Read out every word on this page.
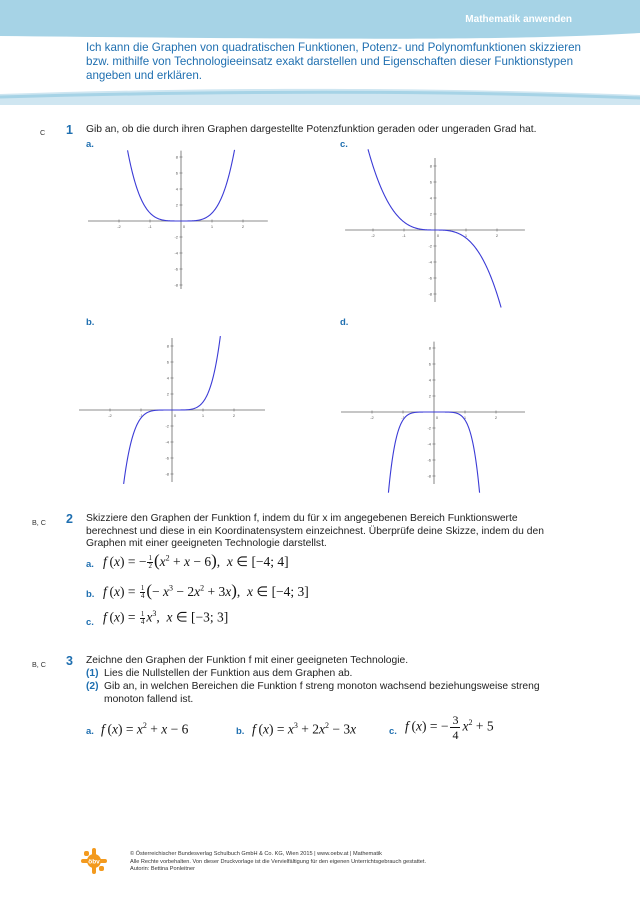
Mathematik anwenden
Ich kann die Graphen von quadratischen Funktionen, Potenz- und Polynomfunktionen skizzieren bzw. mithilfe von Technologieeinsatz exakt darstellen und Eigenschaften dieser Funktionstypen angeben und erklären.
C 1 Gib an, ob die durch ihren Graphen dargestellte Potenzfunktion geraden oder ungeraden Grad hat.
a.	c.
b.	d.
-2	-1	0	1	2
8
6
4
2
-2
-4
-6
-8
-2	-1	0	1	2
8
6
4
2
-2
-4
-6
-8
-2	-1	0	1	2
8
6
4
2
-2
-4
-6
-8
-2	-1	0	1	2
8
6
4
2
-2
-4
-6
-8
B, C 2 Skizziere den Graphen der Funktion f, indem du für x im angegebenen Bereich Funktionswerte berechnest und diese in ein Koordinatensystem einzeichnest. Überprüfe deine Skizze, indem du den Graphen mit einer geeigneten Technologie darstellst.
a. f (x) = − $\frac{1}{2} (x^2 + x - 6)$,  x ∈ [−4; 4]
b. f $(x) = \frac{1}{4}$ (− $x^3 - 2x^2 + 3x$),  x ∈ [−4; 3]
c. f $(x) = \frac{1}{4} x^3$,  x ∈ [−3; 3]
B, C 3 Zeichne den Graphen der Funktion f mit einer geeigneten Technologie.
(1) Lies die Nullstellen der Funktion aus dem Graphen ab.
(2) Gib an, in welchen Bereichen die Funktion f streng monoton wachsend beziehungsweise streng monoton fallend ist.
a. f $(x) = x^2 + x - 6$	b. f $(x) = x^3 + 2x^2 - 3x$	c. f (x) = − $\frac{3}{4} x^2 + 5$
öbv
© Österreichischer Bundesverlag Schulbuch GmbH & Co. KG, Wien 2015 | www.oebv.at | Mathematik
Alle Rechte vorbehalten. Von dieser Druckvorlage ist die Vervielfältigung für den eigenen Unterrichtsgebrauch gestattet.
Autorin: Bettina Ponleitner
